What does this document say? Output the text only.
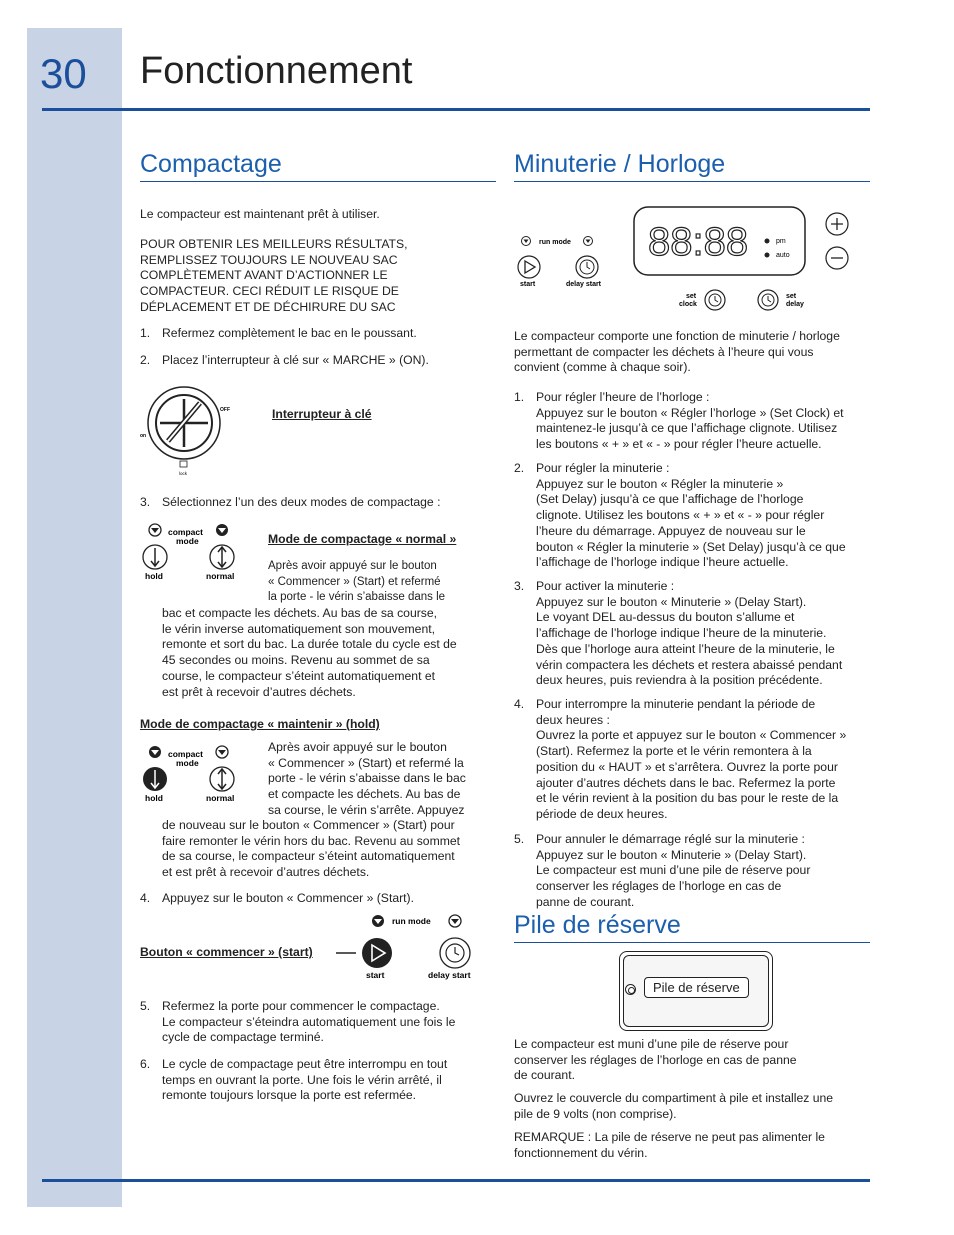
30 Fonctionnement
Compactage
Le compacteur est maintenant prêt à utiliser.
POUR OBTENIR LES MEILLEURS RÉSULTATS,
REMPLISSEZ TOUJOURS LE NOUVEAU SAC
COMPLÈTEMENT AVANT D’ACTIONNER LE
COMPACTEUR. CECI RÉDUIT LE RISQUE DE
DÉPLACEMENT ET DE DÉCHIRURE DU SAC
1. Refermez complètement le bac en le poussant.
2. Placez l’interrupteur à clé sur « MARCHE » (ON).
on
OFF
lock
Interrupteur à clé
3. Sélectionnez l’un des deux modes de compactage :
compact
mode
hold	normal
Mode de compactage « normal »
Après avoir appuyé sur le bouton
« Commencer » (Start) et refermé
la porte - le vérin s’abaisse dans le
bac et compacte les déchets. Au bas de sa course,
le vérin inverse automatiquement son mouvement,
remonte et sort du bac. La durée totale du cycle est de
45 secondes ou moins. Revenu au sommet de sa
course, le compacteur s’éteint automatiquement et
est prêt à recevoir d’autres déchets.
Mode de compactage « maintenir » (hold)
compact
mode
hold	normal
Après avoir appuyé sur le bouton
« Commencer » (Start) et refermé la
porte - le vérin s’abaisse dans le bac
et compacte les déchets. Au bas de
sa course, le vérin s’arrête. Appuyez
de nouveau sur le bouton « Commencer » (Start) pour
faire remonter le vérin hors du bac. Revenu au sommet
de sa course, le compacteur s’éteint automatiquement
et est prêt à recevoir d’autres déchets.
4. Appuyez sur le bouton « Commencer » (Start).
Bouton « commencer » (start)
run mode
start	delay start
5. Refermez la porte pour commencer le compactage.
Le compacteur s’éteindra automatiquement une fois le
cycle de compactage terminé.
6. Le cycle de compactage peut être interrompu en tout
temps en ouvrant la porte. Une fois le vérin arrêté, il
remonte toujours lorsque la porte est refermée.
Minuterie / Horloge
run mode
start	delay start
88:88	pm
auto
set
clock
set
delay
Le compacteur comporte une fonction de minuterie / horloge
permettant de compacter les déchets à l’heure qui vous
convient (comme à chaque soir).
1. Pour régler l’heure de l’horloge :
Appuyez sur le bouton « Régler l’horloge » (Set Clock) et
maintenez-le jusqu’à ce que l’affichage clignote. Utilisez
les boutons « + » et « - » pour régler l’heure actuelle.
2. Pour régler la minuterie :
Appuyez sur le bouton « Régler la minuterie »
(Set Delay) jusqu’à ce que l’affichage de l’horloge
clignote. Utilisez les boutons « + » et « - » pour régler
l’heure du démarrage. Appuyez de nouveau sur le
bouton « Régler la minuterie » (Set Delay) jusqu’à ce que
l’affichage de l’horloge indique l’heure actuelle.
3. Pour activer la minuterie :
Appuyez sur le bouton « Minuterie » (Delay Start).
Le voyant DEL au-dessus du bouton s’allume et
l’affichage de l’horloge indique l’heure de la minuterie.
Dès que l’horloge aura atteint l’heure de la minuterie, le
vérin compactera les déchets et restera abaissé pendant
deux heures, puis reviendra à la position précédente.
4. Pour interrompre la minuterie pendant la période de
deux heures :
Ouvrez la porte et appuyez sur le bouton « Commencer »
(Start). Refermez la porte et le vérin remontera à la
position du « HAUT » et s’arrêtera. Ouvrez la porte pour
ajouter d’autres déchets dans le bac. Refermez la porte
et le vérin revient à la position du bas pour le reste de la
période de deux heures.
5. Pour annuler le démarrage réglé sur la minuterie :
Appuyez sur le bouton « Minuterie » (Delay Start).
Le compacteur est muni d’une pile de réserve pour
conserver les réglages de l’horloge en cas de
panne de courant.
Pile de réserve
Pile de réserve
Le compacteur est muni d’une pile de réserve pour
conserver les réglages de l’horloge en cas de panne
de courant.
Ouvrez le couvercle du compartiment à pile et installez une
pile de 9 volts (non comprise).
REMARQUE : La pile de réserve ne peut pas alimenter le
fonctionnement du vérin.
